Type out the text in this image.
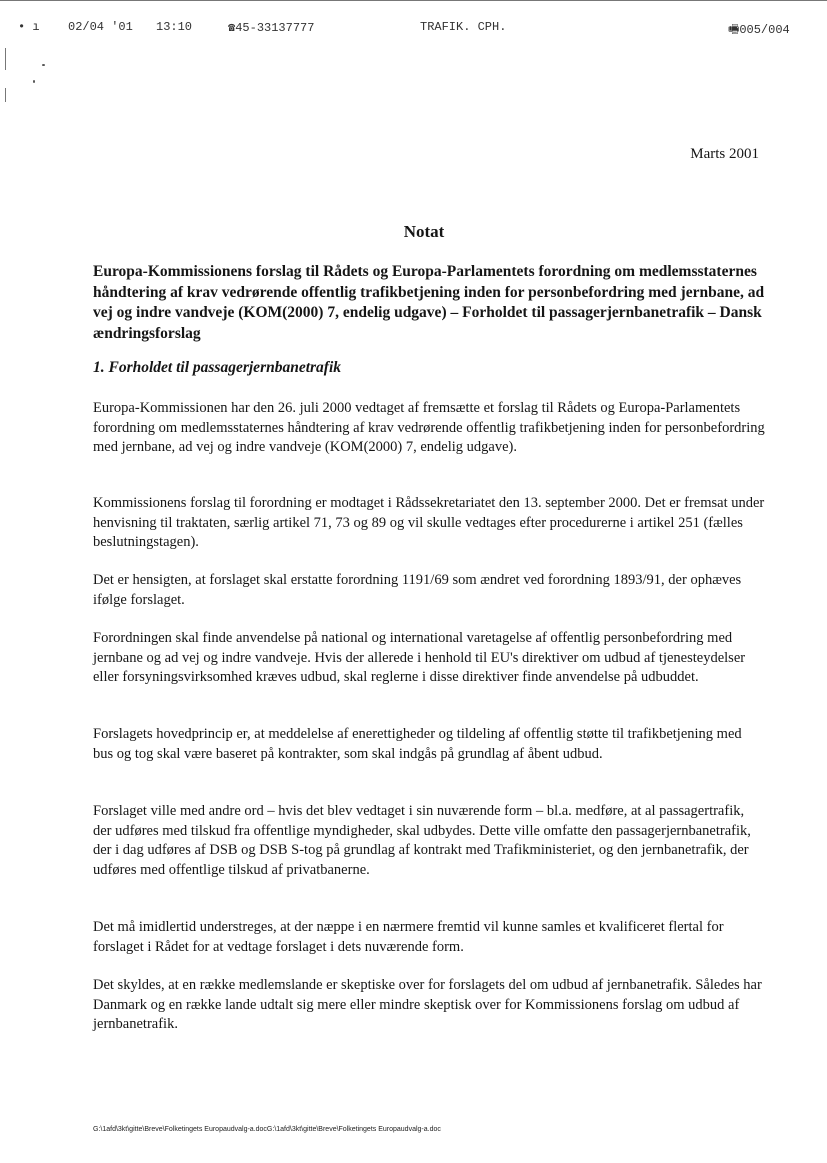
• ı 02/04 '01 13:10	☎45-33137777	TRAFIK. CPH.	🖷005/004
Marts 2001
Notat
Europa-Kommissionens forslag til Rådets og Europa-Parlamentets forordning om medlemsstaternes håndtering af krav vedrørende offentlig trafikbetjening inden for personbefordring med jernbane, ad vej og indre vandveje (KOM(2000) 7, endelig udgave) – Forholdet til passagerjernbanetrafik – Dansk ændringsforslag
1. Forholdet til passagerjernbanetrafik

Europa-Kommissionen har den 26. juli 2000 vedtaget af fremsætte et forslag til Rådets og Europa-Parlamentets forordning om medlemsstaternes håndtering af krav vedrørende offentlig trafikbetjening inden for personbefordring med jernbane, ad vej og indre vandveje (KOM(2000) 7, endelig udgave).

Kommissionens forslag til forordning er modtaget i Rådssekretariatet den 13. september 2000. Det er fremsat under henvisning til traktaten, særlig artikel 71, 73 og 89 og vil skulle vedtages efter procedurerne i artikel 251 (fælles beslutningstagen).

Det er hensigten, at forslaget skal erstatte forordning 1191/69 som ændret ved forordning 1893/91, der ophæves ifølge forslaget.

Forordningen skal finde anvendelse på national og international varetagelse af offentlig personbefordring med jernbane og ad vej og indre vandveje. Hvis der allerede i henhold til EU's direktiver om udbud af tjenesteydelser eller forsyningsvirksomhed kræves udbud, skal reglerne i disse direktiver finde anvendelse på udbuddet.

Forslagets hovedprincip er, at meddelelse af enerettigheder og tildeling af offentlig støtte til trafikbetjening med bus og tog skal være baseret på kontrakter, som skal indgås på grundlag af åbent udbud.

Forslaget ville med andre ord – hvis det blev vedtaget i sin nuværende form – bl.a. medføre, at al passagertrafik, der udføres med tilskud fra offentlige myndigheder, skal udbydes. Dette ville omfatte den passagerjernbanetrafik, der i dag udføres af DSB og DSB S-tog på grundlag af kontrakt med Trafikministeriet, og den jernbanetrafik, der udføres med offentlige tilskud af privatbanerne.

Det må imidlertid understreges, at der næppe i en nærmere fremtid vil kunne samles et kvalificeret flertal for forslaget i Rådet for at vedtage forslaget i dets nuværende form.

Det skyldes, at en række medlemslande er skeptiske over for forslagets del om udbud af jernbanetrafik. Således har Danmark og en række lande udtalt sig mere eller mindre skeptisk over for Kommissionens forslag om udbud af jernbanetrafik.

G:\1afd\3kt\gitte\Breve\Folketingets Europaudvalg-a.docG:\1afd\3kt\gitte\Breve\Folketingets Europaudvalg-a.doc
